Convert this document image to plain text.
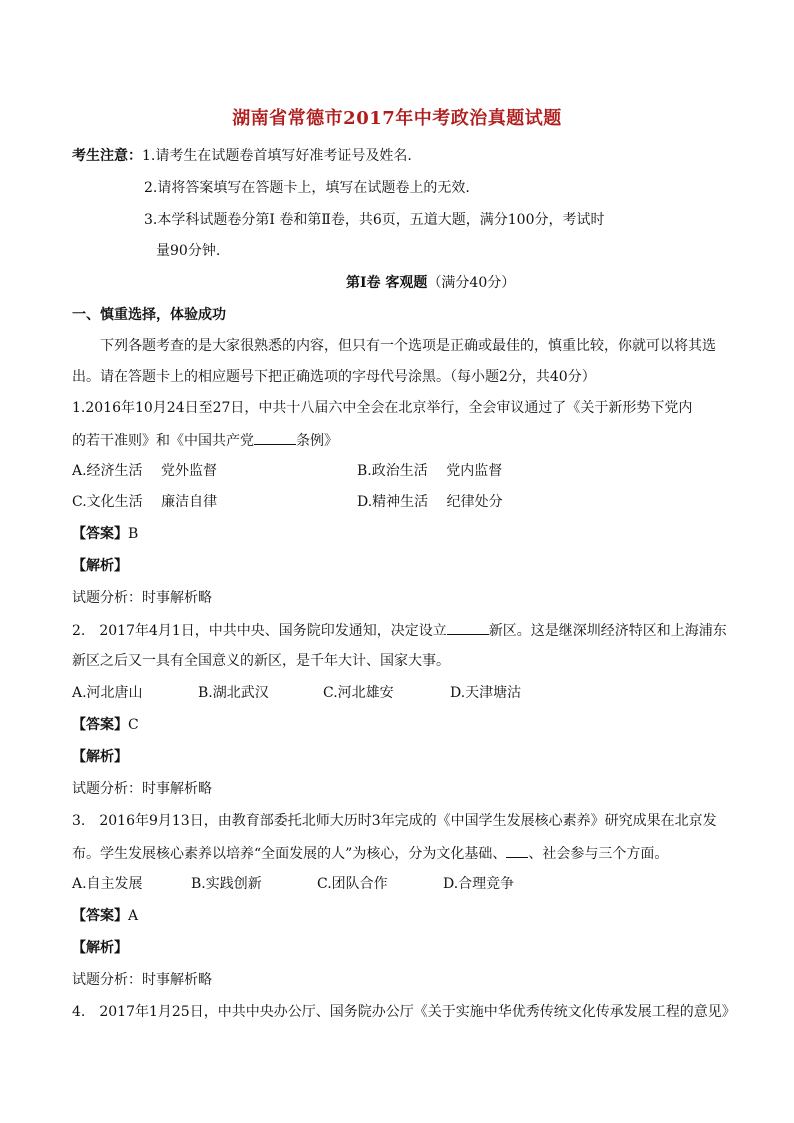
湖南省常德市2017年中考政治真题试题
考生注意：1.请考生在试题卷首填写好准考证号及姓名.
2.请将答案填写在答题卡上，填写在试题卷上的无效.
3.本学科试题卷分第Ⅰ 卷和第Ⅱ卷，共6页，五道大题，满分100分，考试时
量90分钟.
第Ⅰ卷 客观题（满分40分）
一、慎重选择，体验成功
下列各题考查的是大家很熟悉的内容，但只有一个选项是正确或最佳的，慎重比较，你就可以将其选
出。请在答题卡上的相应题号下把正确选项的字母代号涂黑。（每小题2分，共40分）
1.2016年10月24日至27日，中共十八届六中全会在北京举行，全会审议通过了《关于新形势下党内
的若干准则》和《中国共产党	条例》
A.经济生活　 党外监督	B.政治生活　 党内监督
C.文化生活　 廉洁自律	D.精神生活　 纪律处分
【答案】B
【解析】
试题分析：时事解析略
2.　2017年4月1日，中共中央、国务院印发通知，决定设立	新区。这是继深圳经济特区和上海浦东
新区之后又一具有全国意义的新区，是千年大计、国家大事。
A.河北唐山	B.湖北武汉	C.河北雄安	D.天津塘沽
【答案】C
【解析】
试题分析：时事解析略
3.　2016年9月13日，由教育部委托北师大历时3年完成的《中国学生发展核心素养》研究成果在北京发
布。学生发展核心素养以培养“全面发展的人”为核心，分为文化基础、 、社会参与三个方面。
A.自主发展	B.实践创新	C.团队合作	D.合理竞争
【答案】A
【解析】
试题分析：时事解析略
4.　2017年1月25日，中共中央办公厅、国务院办公厅《关于实施中华优秀传统文化传承发展工程的意见》
